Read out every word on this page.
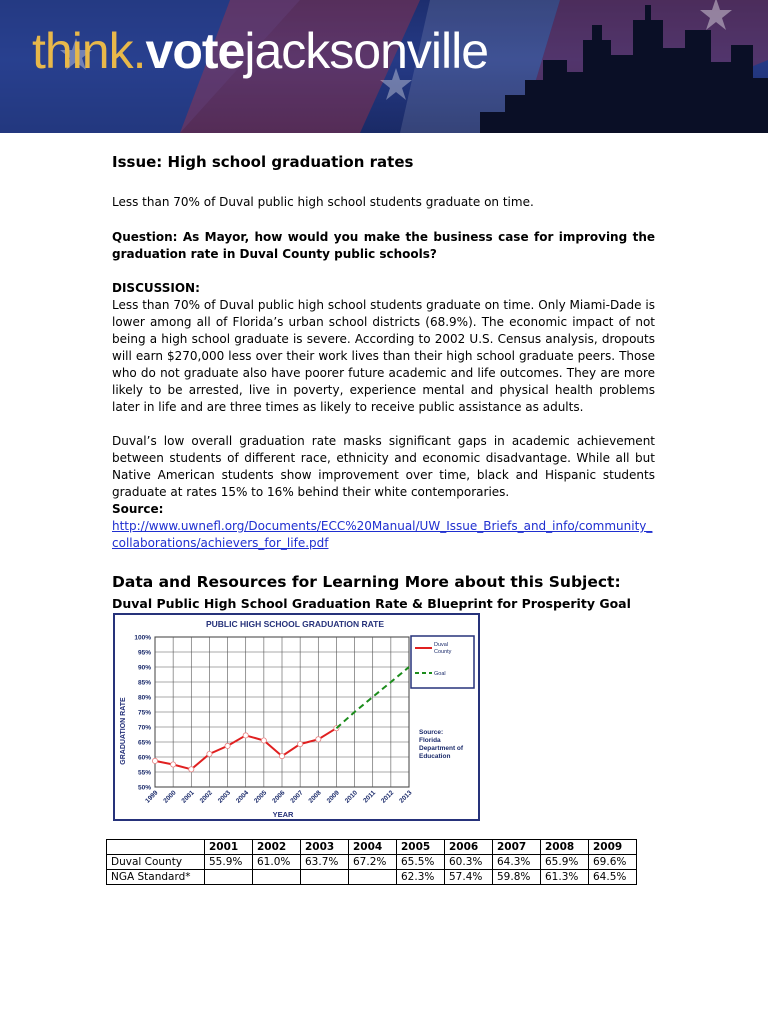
think.votejacksonville
Issue: High school graduation rates

Less than 70% of Duval public high school students graduate on time.

Question: As Mayor, how would you make the business case for improving the graduation rate in Duval County public schools?

DISCUSSION:

Less than 70% of Duval public high school students graduate on time. Only Miami-Dade is lower among all of Florida’s urban school districts (68.9%). The economic impact of not being a high school graduate is severe. According to 2002 U.S. Census analysis, dropouts will earn $270,000 less over their work lives than their high school graduate peers. Those who do not graduate also have poorer future academic and life outcomes. They are more likely to be arrested, live in poverty, experience mental and physical health problems later in life and are three times as likely to receive public assistance as adults.

Duval’s low overall graduation rate masks significant gaps in academic achievement between students of different race, ethnicity and economic disadvantage. While all but Native American students show improvement over time, black and Hispanic students graduate at rates 15% to 16% behind their white contemporaries.

Source:

http://www.uwnefl.org/Documents/ECC%20Manual/UW_Issue_Briefs_and_info/community_collaborations/achievers_for_life.pdf

Data and Resources for Learning More about this Subject:
Duval Public High School Graduation Rate & Blueprint for Prosperity Goal
PUBLIC HIGH SCHOOL GRADUATION RATE
50%
55%
60%
65%
70%
75%
80%
85%
90%
95%
100%
1999 2000 2001 2002 2003 2004 2005 2006 2007 2008 2009 2010 2011 2012 2013
GRADUATION RATE
YEAR
Duval
County
Goal
Source:
Florida
Department of
Education
	2001	2002	2003	2004	2005	2006	2007	2008	2009
Duval County	55.9%	61.0%	63.7%	67.2%	65.5%	60.3%	64.3%	65.9%	69.6%
NGA Standard*					62.3%	57.4%	59.8%	61.3%	64.5%
